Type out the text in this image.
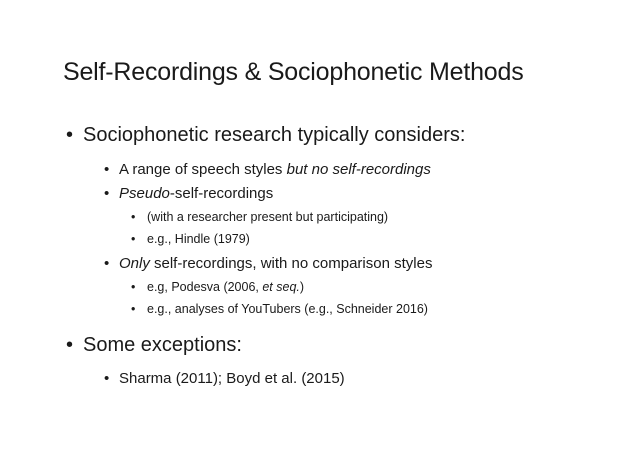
Self-Recordings & Sociophonetic Methods
• Sociophonetic research typically considers:
• A range of speech styles but no self-recordings
• Pseudo-self-recordings
• (with a researcher present but participating)
• e.g., Hindle (1979)
• Only self-recordings, with no comparison styles
• e.g, Podesva (2006, et seq.)
• e.g., analyses of YouTubers (e.g., Schneider 2016)
• Some exceptions:
• Sharma (2011); Boyd et al. (2015)
